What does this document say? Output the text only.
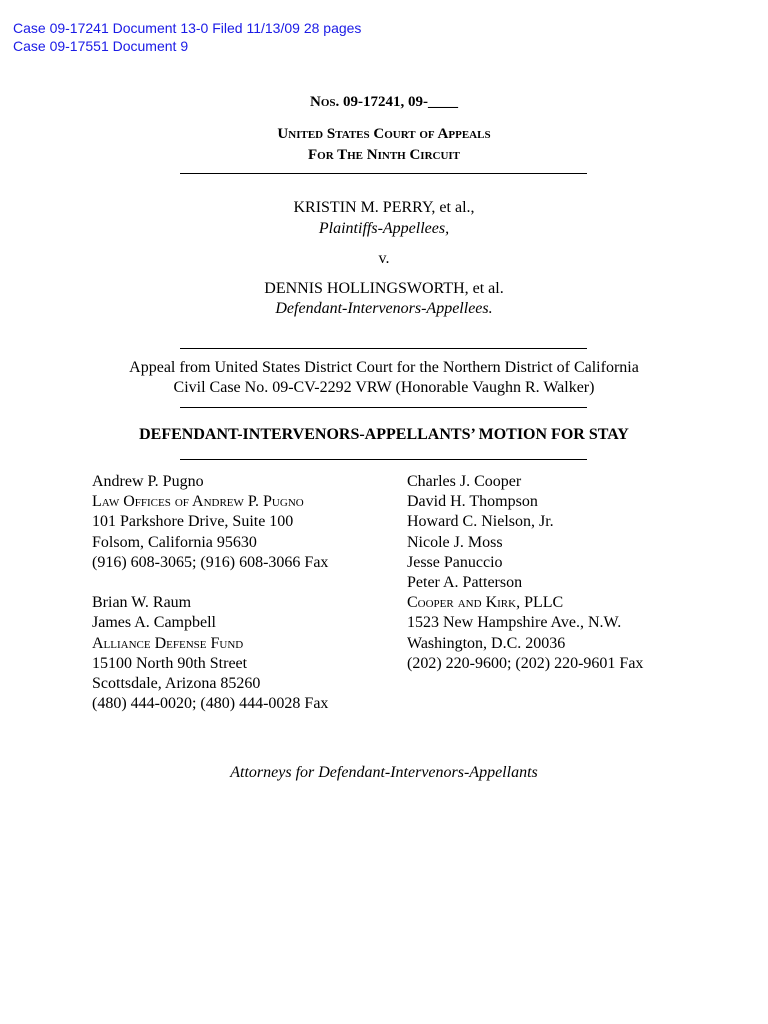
Case 09-17241 Document 13-0 Filed 11/13/09 28 pages
Case 09-17551 Document 9
Nos. 09-17241, 09-____
United States Court of Appeals
For The Ninth Circuit
KRISTIN M. PERRY, et al.,
Plaintiffs-Appellees,
v.
DENNIS HOLLINGSWORTH, et al.
Defendant-Intervenors-Appellees.
Appeal from United States District Court for the Northern District of California
Civil Case No. 09-CV-2292 VRW (Honorable Vaughn R. Walker)
DEFENDANT-INTERVENORS-APPELLANTS’ MOTION FOR STAY
Andrew P. Pugno
Law Offices of Andrew P. Pugno
101 Parkshore Drive, Suite 100
Folsom, California 95630
(916) 608-3065; (916) 608-3066 Fax
Brian W. Raum
James A. Campbell
Alliance Defense Fund
15100 North 90th Street
Scottsdale, Arizona 85260
(480) 444-0020; (480) 444-0028 Fax
Charles J. Cooper
David H. Thompson
Howard C. Nielson, Jr.
Nicole J. Moss
Jesse Panuccio
Peter A. Patterson
Cooper and Kirk, PLLC
1523 New Hampshire Ave., N.W.
Washington, D.C. 20036
(202) 220-9600; (202) 220-9601 Fax
Attorneys for Defendant-Intervenors-Appellants
